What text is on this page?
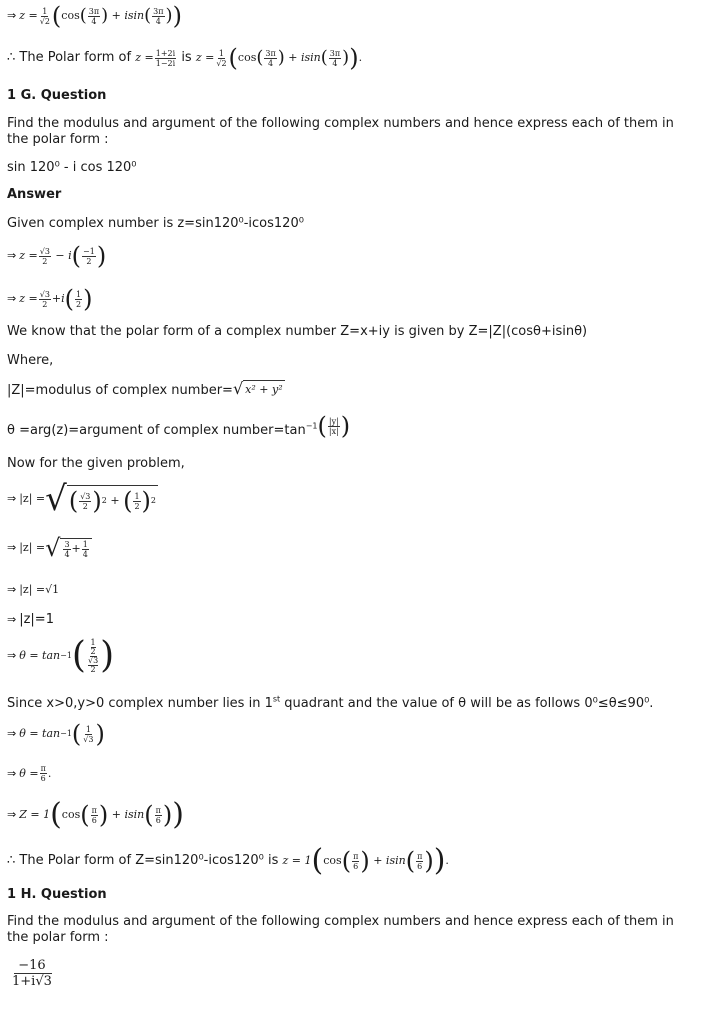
⇒ $z = \frac{1}{√2}$ ( cos ( 3π
4 )
+
isin ( 3π
4 ) )
∴ The Polar form of $z = \frac{1+2i}{1-2i}$ is $z = \frac{1}{√2}$ ( cos ( 3π
4 )
+
isin ( 3π
4 ) ) .
1 G. Question
Find the modulus and argument of the following complex numbers and hence express each of them in the polar form :
sin 120⁰ - i cos 120⁰
Answer
Given complex number is z=sin120⁰-icos120⁰
⇒ $z = \frac{√3}{2}$
−
i ( −1
2 )
⇒ $z = \frac{√3}{2} + i$ ( 1
2 )
We know that the polar form of a complex number Z=x+iy is given by Z=|Z|(cosθ+isinθ)
Where,
|Z|=modulus of complex number= √ x² + y²
θ =arg(z)=argument of complex $number=\tan^{-1}$ ( |y|
|x| )
Now for the given problem,
⇒ |z| = √ ( √3
2 ) 2
+
( 1
2 ) 2
⇒ |z| = √ 3
$4 + \frac{1}{4}$
⇒ |z| = √1
⇒ |z|=1
⇒ θ = tan −1 ( 1
2
√3
2 )
Since x>0,y>0 complex number lies in 1st quadrant and the value of θ will be as follows 0⁰≤θ≤90⁰.
⇒ θ = tan −1 ( 1
√3 )
⇒ $\theta = \frac{\pi}{6}$ .
⇒ Z = 1 ( cos ( π
6 )
+
isin ( π
6 ) )
∴ The Polar form of Z=sin120⁰-icos120⁰ is z = 1 ( cos ( π
6 )
+
isin ( π
6 ) ) .
1 H. Question
Find the modulus and argument of the following complex numbers and hence express each of them in the polar form :
$\frac{-16}{1+i√3}$
